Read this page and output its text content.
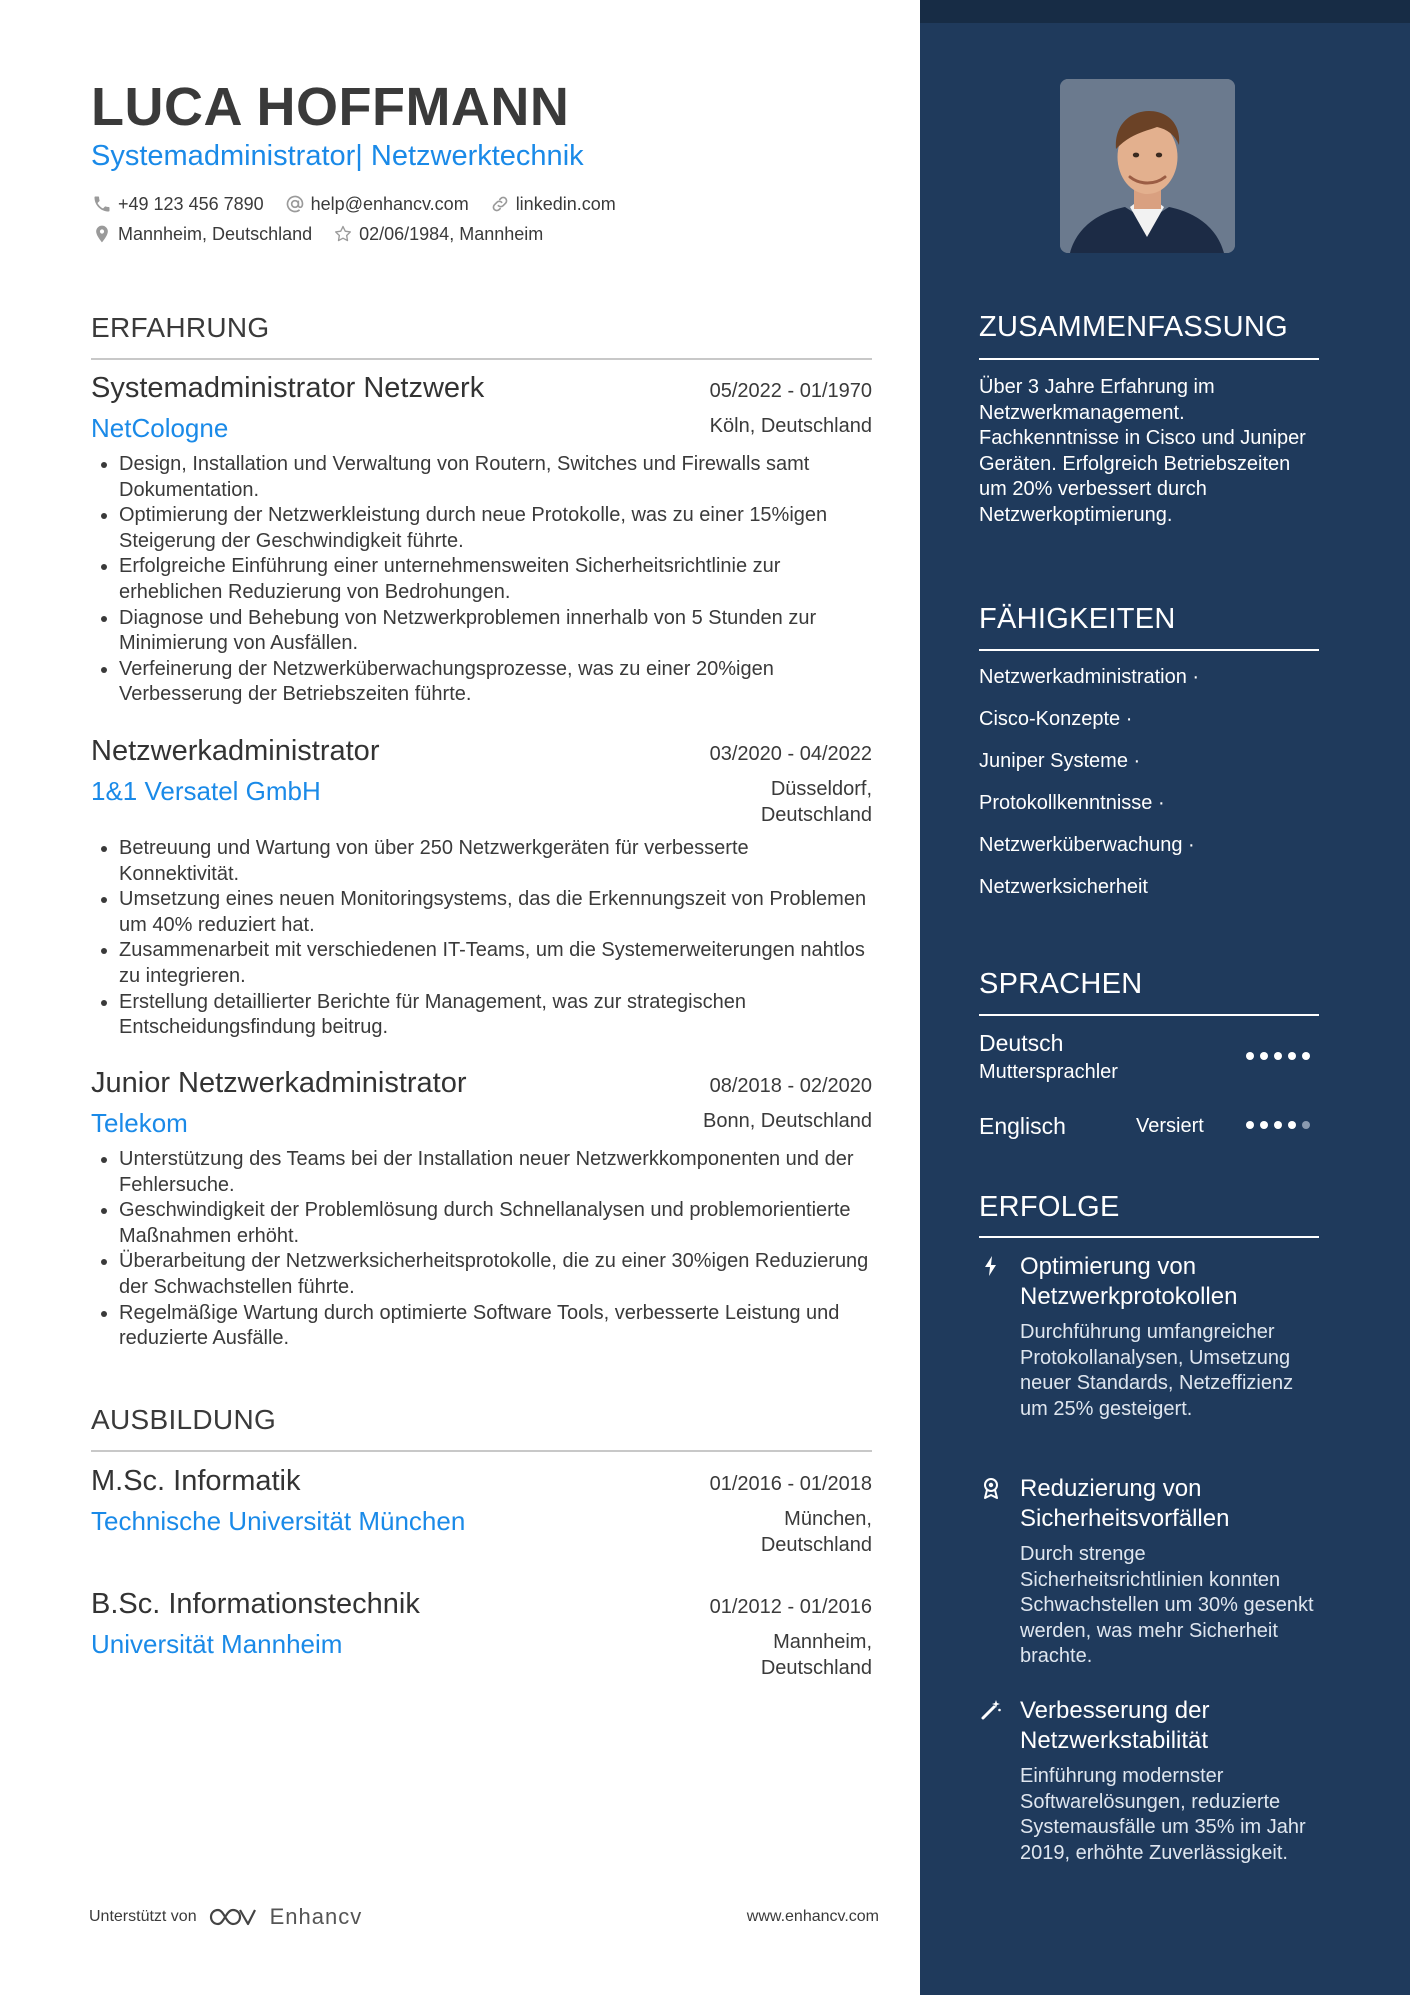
LUCA HOFFMANN
Systemadministrator| Netzwerktechnik
+49 123 456 7890	help@enhancv.com	linkedin.com
Mannheim, Deutschland	02/06/1984, Mannheim
ERFAHRUNG
Systemadministrator Netzwerk	05/2022 - 01/1970
NetCologne	Köln, Deutschland
• Design, Installation und Verwaltung von Routern, Switches und Firewalls samt Dokumentation.
• Optimierung der Netzwerkleistung durch neue Protokolle, was zu einer 15%igen Steigerung der Geschwindigkeit führte.
• Erfolgreiche Einführung einer unternehmensweiten Sicherheitsrichtlinie zur erheblichen Reduzierung von Bedrohungen.
• Diagnose und Behebung von Netzwerkproblemen innerhalb von 5 Stunden zur Minimierung von Ausfällen.
• Verfeinerung der Netzwerküberwachungsprozesse, was zu einer 20%igen Verbesserung der Betriebszeiten führte.
Netzwerkadministrator	03/2020 - 04/2022
1&1 Versatel GmbH	Düsseldorf,
Deutschland
• Betreuung und Wartung von über 250 Netzwerkgeräten für verbesserte Konnektivität.
• Umsetzung eines neuen Monitoringsystems, das die Erkennungszeit von Problemen um 40% reduziert hat.
• Zusammenarbeit mit verschiedenen IT-Teams, um die Systemerweiterungen nahtlos zu integrieren.
• Erstellung detaillierter Berichte für Management, was zur strategischen Entscheidungsfindung beitrug.
Junior Netzwerkadministrator	08/2018 - 02/2020
Telekom	Bonn, Deutschland
• Unterstützung des Teams bei der Installation neuer Netzwerkkomponenten und der Fehlersuche.
• Geschwindigkeit der Problemlösung durch Schnellanalysen und problemorientierte Maßnahmen erhöht.
• Überarbeitung der Netzwerksicherheitsprotokolle, die zu einer 30%igen Reduzierung der Schwachstellen führte.
• Regelmäßige Wartung durch optimierte Software Tools, verbesserte Leistung und reduzierte Ausfälle.
AUSBILDUNG
M.Sc. Informatik	01/2016 - 01/2018
Technische Universität München	München,
Deutschland
B.Sc. Informationstechnik	01/2012 - 01/2016
Universität Mannheim	Mannheim,
Deutschland
Unterstützt von	Enhancv	www.enhancv.com
ZUSAMMENFASSUNG
Über 3 Jahre Erfahrung im Netzwerkmanagement. Fachkenntnisse in Cisco und Juniper Geräten. Erfolgreich Betriebszeiten um 20% verbessert durch Netzwerkoptimierung.
FÄHIGKEITEN
Netzwerkadministration ·
Cisco-Konzepte ·
Juniper Systeme ·
Protokollkenntnisse ·
Netzwerküberwachung ·
Netzwerksicherheit
SPRACHEN
Deutsch
Muttersprachler
Englisch	Versiert
ERFOLGE
Optimierung von Netzwerkprotokollen
Durchführung umfangreicher Protokollanalysen, Umsetzung neuer Standards, Netzeffizienz um 25% gesteigert.
Reduzierung von Sicherheitsvorfällen
Durch strenge Sicherheitsrichtlinien konnten Schwachstellen um 30% gesenkt werden, was mehr Sicherheit brachte.
Verbesserung der Netzwerkstabilität
Einführung modernster Softwarelösungen, reduzierte Systemausfälle um 35% im Jahr 2019, erhöhte Zuverlässigkeit.
